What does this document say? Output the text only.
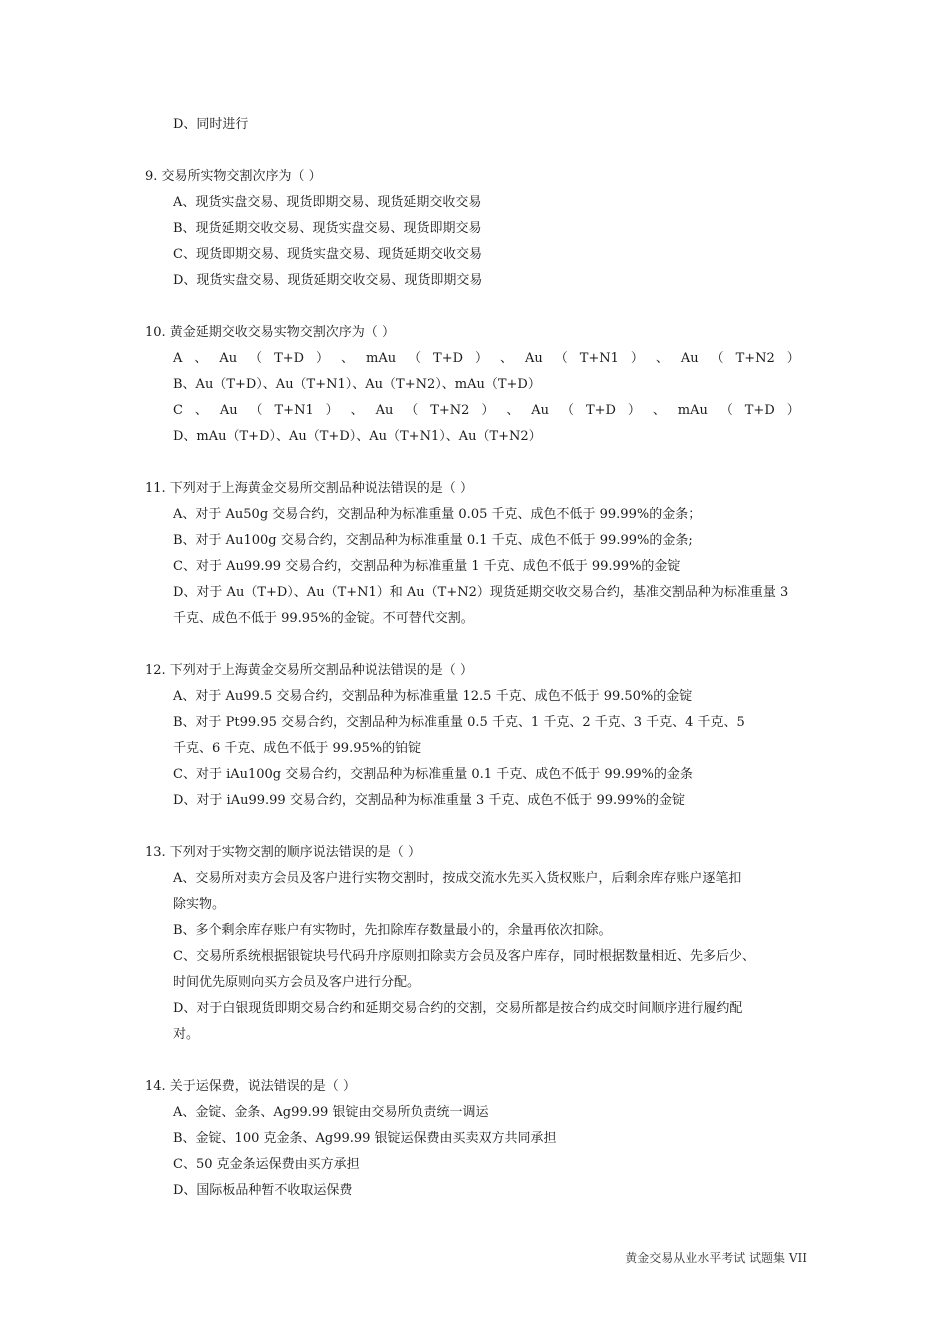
D、同时进行
9. 交易所实物交割次序为（ ）
A、现货实盘交易、现货即期交易、现货延期交收交易
B、现货延期交收交易、现货实盘交易、现货即期交易
C、现货即期交易、现货实盘交易、现货延期交收交易
D、现货实盘交易、现货延期交收交易、现货即期交易
10. 黄金延期交收交易实物交割次序为（ ）
A 、 Au （ T+D ） 、 mAu （ T+D ） 、 Au （ T+N1 ） 、 Au （ T+N2 ）
B、Au（T+D）、Au（T+N1）、Au（T+N2）、mAu（T+D）
C 、 Au （ T+N1 ） 、 Au （ T+N2 ） 、 Au （ T+D ） 、 mAu （ T+D ）
D、mAu（T+D）、Au（T+D）、Au（T+N1）、Au（T+N2）
11. 下列对于上海黄金交易所交割品种说法错误的是（ ）
A、对于 Au50g 交易合约，交割品种为标准重量 0.05 千克、成色不低于 99.99%的金条；
B、对于 Au100g 交易合约，交割品种为标准重量 0.1 千克、成色不低于 99.99%的金条;
C、对于 Au99.99 交易合约，交割品种为标准重量 1 千克、成色不低于 99.99%的金锭
D、对于 Au（T+D）、Au（T+N1）和 Au（T+N2）现货延期交收交易合约，基准交割品种为标准重量 3
千克、成色不低于 99.95%的金锭。不可替代交割。
12. 下列对于上海黄金交易所交割品种说法错误的是（ ）
A、对于 Au99.5 交易合约，交割品种为标准重量 12.5 千克、成色不低于 99.50%的金锭
B、对于 Pt99.95 交易合约，交割品种为标准重量 0.5 千克、1 千克、2 千克、3 千克、4 千克、5
千克、6 千克、成色不低于 99.95%的铂锭
C、对于 iAu100g 交易合约，交割品种为标准重量 0.1 千克、成色不低于 99.99%的金条
D、对于 iAu99.99 交易合约，交割品种为标准重量 3 千克、成色不低于 99.99%的金锭
13. 下列对于实物交割的顺序说法错误的是（ ）
A、交易所对卖方会员及客户进行实物交割时，按成交流水先买入货权账户，后剩余库存账户逐笔扣
除实物。
B、多个剩余库存账户有实物时，先扣除库存数量最小的，余量再依次扣除。
C、交易所系统根据银锭块号代码升序原则扣除卖方会员及客户库存，同时根据数量相近、先多后少、
时间优先原则向买方会员及客户进行分配。
D、对于白银现货即期交易合约和延期交易合约的交割，交易所都是按合约成交时间顺序进行履约配
对。
14. 关于运保费，说法错误的是（ ）
A、金锭、金条、Ag99.99 银锭由交易所负责统一调运
B、金锭、100 克金条、Ag99.99 银锭运保费由买卖双方共同承担
C、50 克金条运保费由买方承担
D、国际板品种暂不收取运保费
黄金交易从业水平考试 试题集 VII
